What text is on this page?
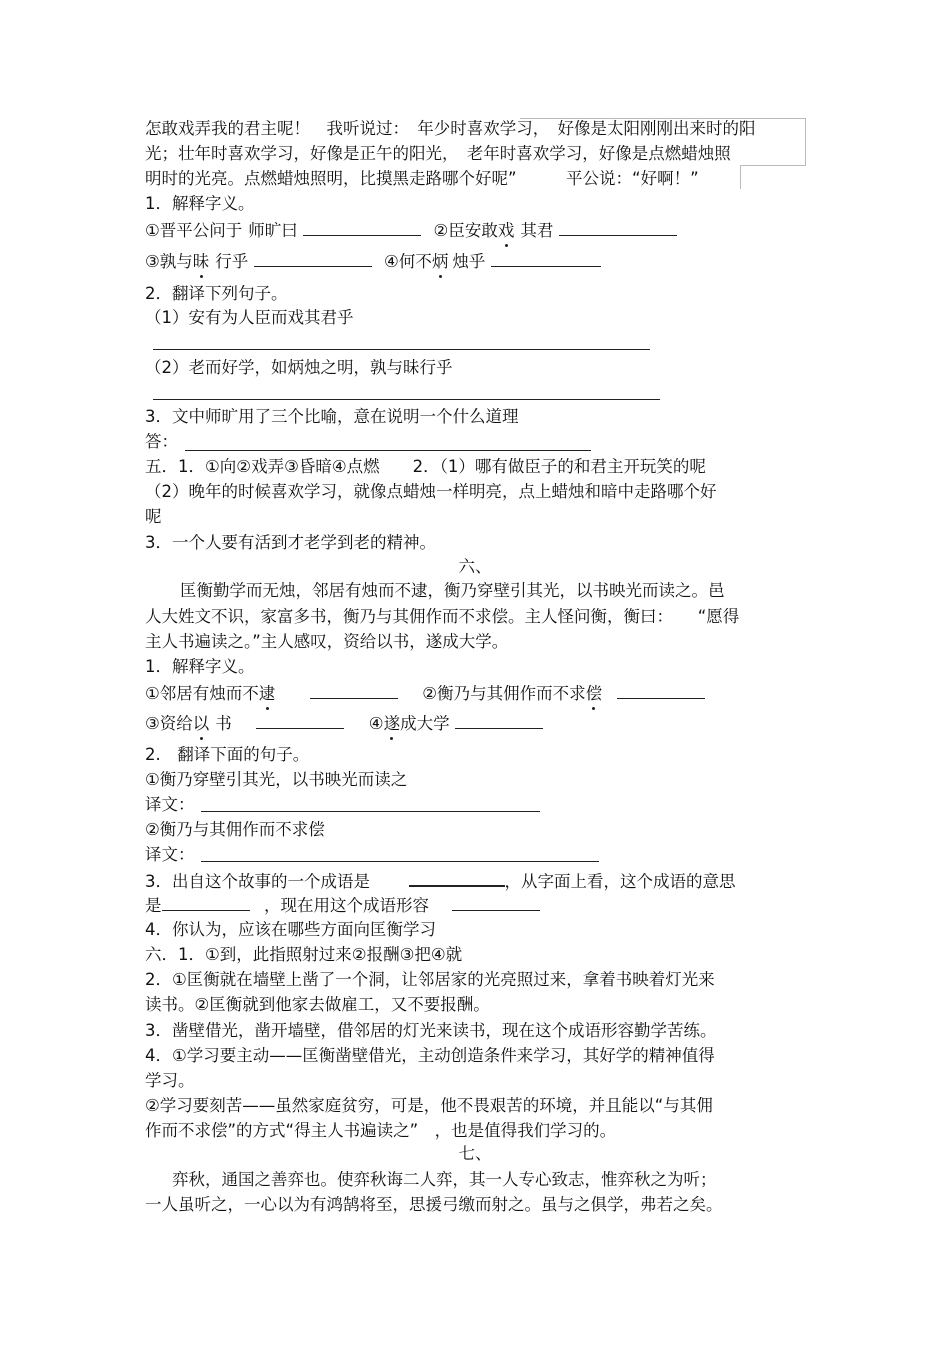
怎敢戏弄我的君主呢！　我听说过：　年少时喜欢学习，　好像是太阳刚刚出来时的阳
光；壮年时喜欢学习，好像是正午的阳光，　老年时喜欢学习，好像是点燃蜡烛照
明时的光亮。点燃蜡烛照明，比摸黑走路哪个好呢”　　　平公说：“好啊！”
1．解释字义。
①晋平公问于 师旷曰	②臣安敢戏 其君
③孰与昧 行乎	④何不炳 烛乎
2．翻译下列句子。
（1）安有为人臣而戏其君乎
（2）老而好学，如炳烛之明，孰与昧行乎
3．文中师旷用了三个比喻，意在说明一个什么道理
答：
五．1．①向②戏弄③昏暗④点燃　　2．（1）哪有做臣子的和君主开玩笑的呢
（2）晚年的时候喜欢学习，就像点蜡烛一样明亮，点上蜡烛和暗中走路哪个好
呢
3．一个人要有活到才老学到老的精神。
六、
匡衡勤学而无烛，邻居有烛而不逮，衡乃穿壁引其光，以书映光而读之。邑
人大姓文不识，家富多书，衡乃与其佣作而不求偿。主人怪问衡，衡曰：　　“愿得
主人书遍读之。”主人感叹，资给以书，遂成大学。
1．解释字义。
①邻居有烛而不逮	②衡乃与其佣作而不求偿
③资给以 书	④遂成大学
2.　翻译下面的句子。
①衡乃穿壁引其光，以书映光而读之
译文：
②衡乃与其佣作而不求偿
译文：
3．出自这个故事的一个成语是	，从字面上看，这个成语的意思
是	，现在用这个成语形容
4．你认为，应该在哪些方面向匡衡学习
六．1．①到，此指照射过来②报酬③把④就
2．①匡衡就在墙壁上凿了一个洞，让邻居家的光亮照过来，拿着书映着灯光来
读书。②匡衡就到他家去做雇工，又不要报酬。
3．凿壁借光，凿开墙壁，借邻居的灯光来读书，现在这个成语形容勤学苦练。
4．①学习要主动——匡衡凿壁借光，主动创造条件来学习，其好学的精神值得
学习。
②学习要刻苦——虽然家庭贫穷，可是，他不畏艰苦的环境，并且能以“与其佣
作而不求偿”的方式“得主人书遍读之”　，也是值得我们学习的。
七、
弈秋，通国之善弈也。使弈秋诲二人弈，其一人专心致志，惟弈秋之为听；
一人虽听之，一心以为有鸿鹄将至，思援弓缴而射之。虽与之俱学，弗若之矣。
